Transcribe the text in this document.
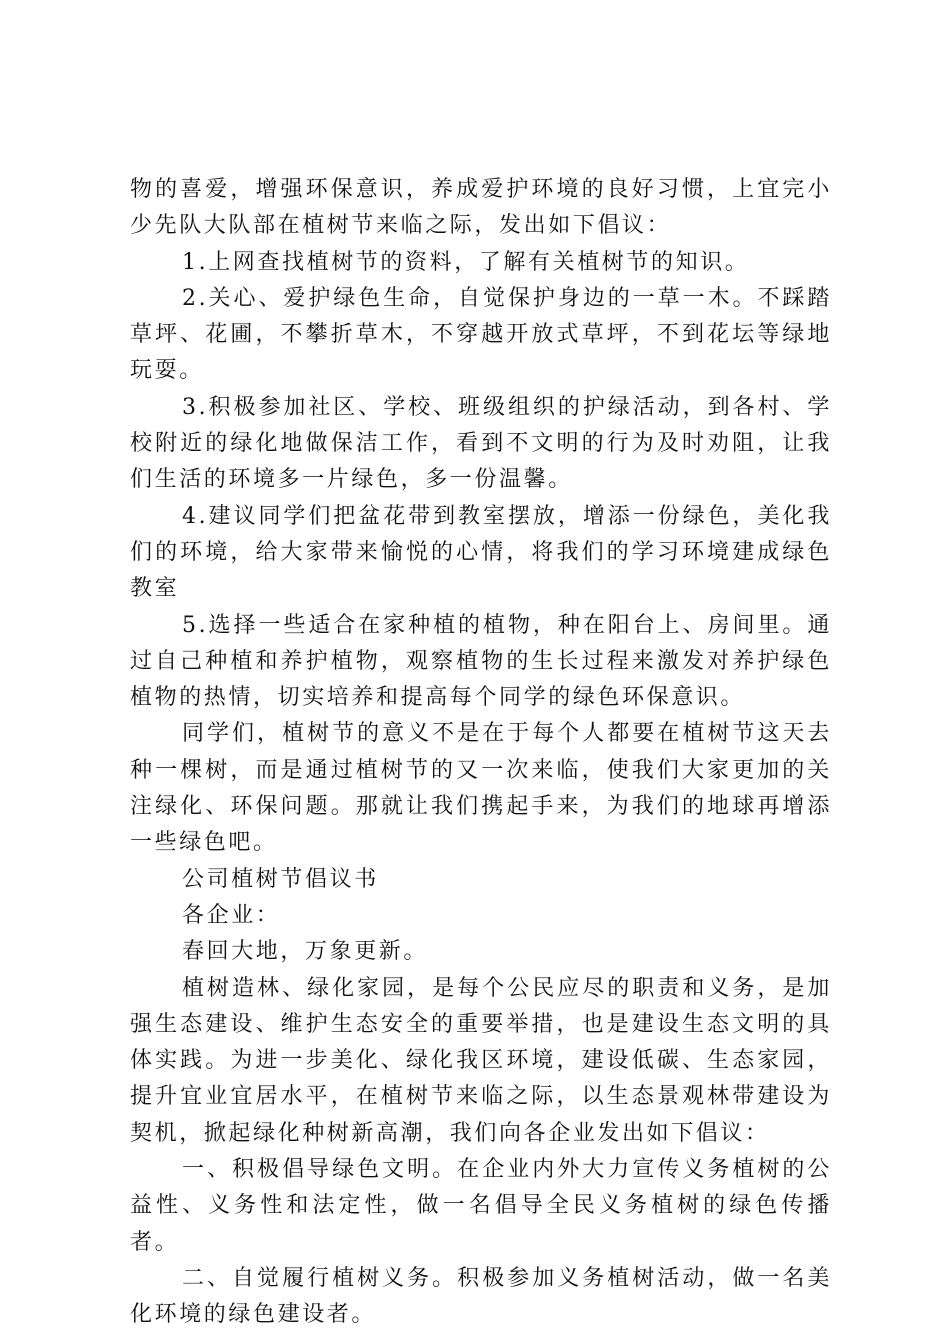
物的喜爱，增强环保意识，养成爱护环境的良好习惯，上宜完小少先队大队部在植树节来临之际，发出如下倡议：

1.上网查找植树节的资料，了解有关植树节的知识。

2.关心、爱护绿色生命，自觉保护身边的一草一木。不踩踏草坪、花圃，不攀折草木，不穿越开放式草坪，不到花坛等绿地玩耍。

3.积极参加社区、学校、班级组织的护绿活动，到各村、学校附近的绿化地做保洁工作，看到不文明的行为及时劝阻，让我们生活的环境多一片绿色，多一份温馨。

4.建议同学们把盆花带到教室摆放，增添一份绿色，美化我们的环境，给大家带来愉悦的心情，将我们的学习环境建成绿色教室

5.选择一些适合在家种植的植物，种在阳台上、房间里。通过自己种植和养护植物，观察植物的生长过程来激发对养护绿色植物的热情，切实培养和提高每个同学的绿色环保意识。

同学们，植树节的意义不是在于每个人都要在植树节这天去种一棵树，而是通过植树节的又一次来临，使我们大家更加的关注绿化、环保问题。那就让我们携起手来，为我们的地球再增添一些绿色吧。

公司植树节倡议书

各企业：

春回大地，万象更新。

植树造林、绿化家园，是每个公民应尽的职责和义务，是加强生态建设、维护生态安全的重要举措，也是建设生态文明的具体实践。为进一步美化、绿化我区环境，建设低碳、生态家园，提升宜业宜居水平，在植树节来临之际，以生态景观林带建设为契机，掀起绿化种树新高潮，我们向各企业发出如下倡议：

一、积极倡导绿色文明。在企业内外大力宣传义务植树的公益性、义务性和法定性，做一名倡导全民义务植树的绿色传播者。

二、自觉履行植树义务。积极参加义务植树活动，做一名美化环境的绿色建设者。
